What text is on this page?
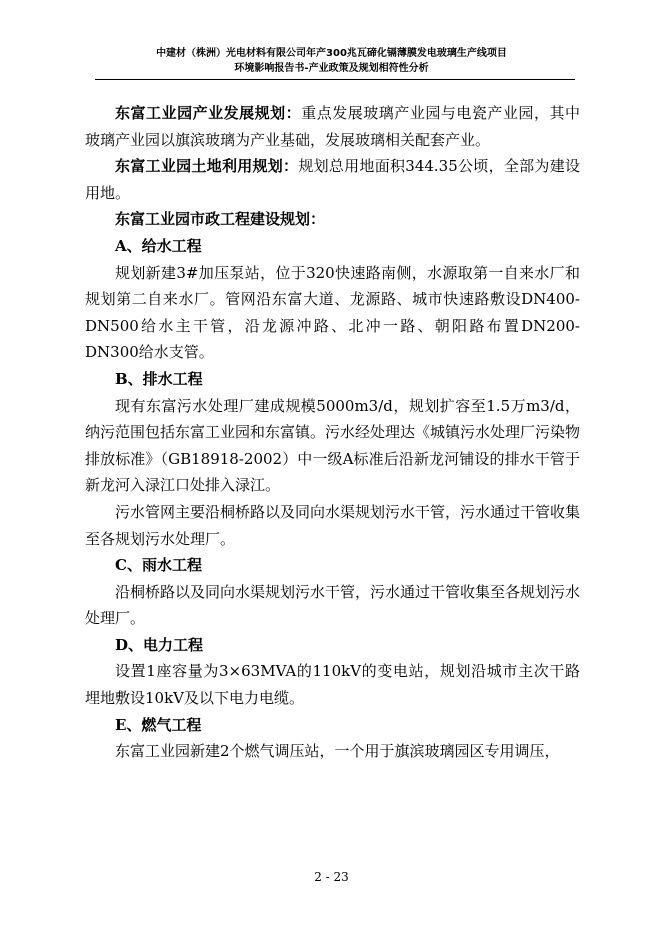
中建材（株洲）光电材料有限公司年产300兆瓦碲化镉薄膜发电玻璃生产线项目
环境影响报告书-产业政策及规划相符性分析

东富工业园产业发展规划：重点发展玻璃产业园与电瓷产业园，其中玻璃产业园以旗滨玻璃为产业基础，发展玻璃相关配套产业。

东富工业园土地利用规划：规划总用地面积344.35公顷，全部为建设用地。

东富工业园市政工程建设规划：

A、给水工程

规划新建3#加压泵站，位于320快速路南侧，水源取第一自来水厂和规划第二自来水厂。管网沿东富大道、龙源路、城市快速路敷设DN400-DN500给水主干管，沿龙源冲路、北冲一路、朝阳路布置DN200-DN300给水支管。

B、排水工程

现有东富污水处理厂建成规模5000m3/d，规划扩容至1.5万m3/d，纳污范围包括东富工业园和东富镇。污水经处理达《城镇污水处理厂污染物排放标准》（GB18918-2002）中一级A标准后沿新龙河铺设的排水干管于新龙河入渌江口处排入渌江。

污水管网主要沿桐桥路以及同向水渠规划污水干管，污水通过干管收集至各规划污水处理厂。

C、雨水工程

沿桐桥路以及同向水渠规划污水干管，污水通过干管收集至各规划污水处理厂。

D、电力工程

设置1座容量为3×63MVA的110kV的变电站，规划沿城市主次干路埋地敷设10kV及以下电力电缆。

E、燃气工程

东富工业园新建2个燃气调压站，一个用于旗滨玻璃园区专用调压，

2 - 23
